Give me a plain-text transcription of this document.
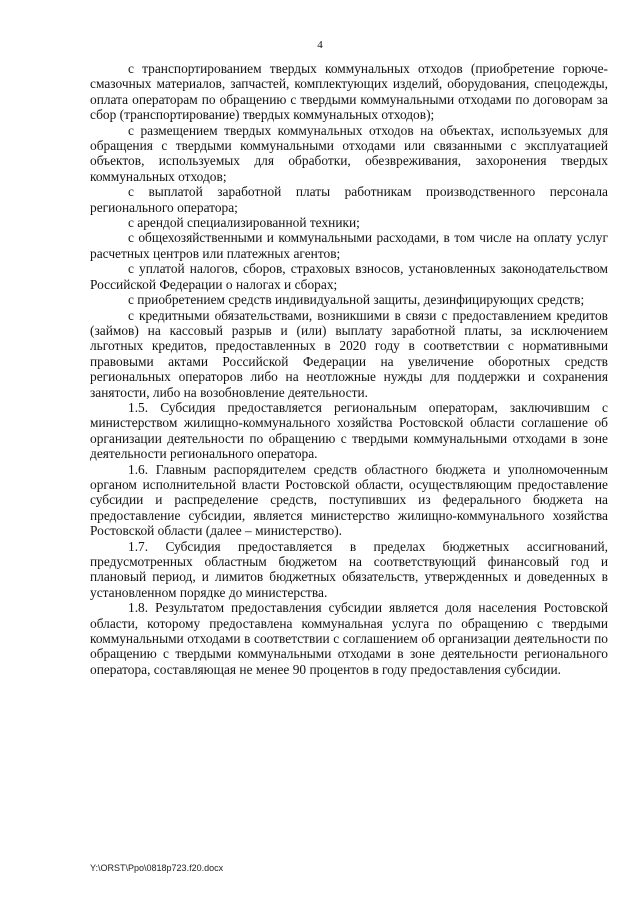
4

с транспортированием твердых коммунальных отходов (приобретение горюче-смазочных материалов, запчастей, комплектующих изделий, оборудования, спецодежды, оплата операторам по обращению с твердыми коммунальными отходами по договорам за сбор (транспортирование) твердых коммунальных отходов);

с размещением твердых коммунальных отходов на объектах, используемых для обращения с твердыми коммунальными отходами или связанными с эксплуатацией объектов, используемых для обработки, обезвреживания, захоронения твердых коммунальных отходов;

с выплатой заработной платы работникам производственного персонала регионального оператора;

с арендой специализированной техники;

с общехозяйственными и коммунальными расходами, в том числе на оплату услуг расчетных центров или платежных агентов;

с уплатой налогов, сборов, страховых взносов, установленных законодательством Российской Федерации о налогах и сборах;

с приобретением средств индивидуальной защиты, дезинфицирующих средств;

с кредитными обязательствами, возникшими в связи с предоставлением кредитов (займов) на кассовый разрыв и (или) выплату заработной платы, за исключением льготных кредитов, предоставленных в 2020 году в соответствии с нормативными правовыми актами Российской Федерации на увеличение оборотных средств региональных операторов либо на неотложные нужды для поддержки и сохранения занятости, либо на возобновление деятельности.

1.5. Субсидия предоставляется региональным операторам, заключившим с министерством жилищно-коммунального хозяйства Ростовской области соглашение об организации деятельности по обращению с твердыми коммунальными отходами в зоне деятельности регионального оператора.

1.6. Главным распорядителем средств областного бюджета и уполномоченным органом исполнительной власти Ростовской области, осуществляющим предоставление субсидии и распределение средств, поступивших из федерального бюджета на предоставление субсидии, является министерство жилищно-коммунального хозяйства Ростовской области (далее – министерство).

1.7. Субсидия предоставляется в пределах бюджетных ассигнований, предусмотренных областным бюджетом на соответствующий финансовый год и плановый период, и лимитов бюджетных обязательств, утвержденных и доведенных в установленном порядке до министерства.

1.8. Результатом предоставления субсидии является доля населения Ростовской области, которому предоставлена коммунальная услуга по обращению с твердыми коммунальными отходами в соответствии с соглашением об организации деятельности по обращению с твердыми коммунальными отходами в зоне деятельности регионального оператора, составляющая не менее 90 процентов в году предоставления субсидии.

Y:\ORST\Ppo\0818p723.f20.docx
